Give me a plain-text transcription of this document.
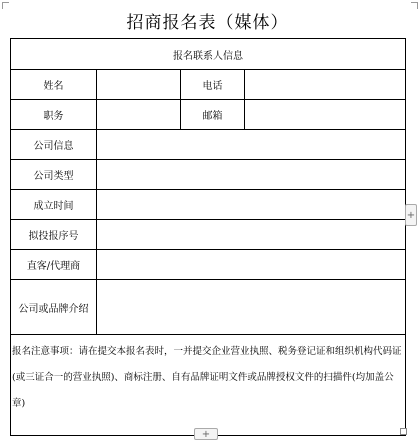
招商报名表（媒体）
报名联系人信息			
姓名		电话	
职务		邮箱	
公司信息			
公司类型			
成立时间			
拟投报序号			
直客/代理商			
公司或品牌介绍			
报名注意事项：请在提交本报名表时，一并提交企业营业执照、税务登记证和组织机构代码证(或三证合一的营业执照)、商标注册、自有品牌证明文件或品牌授权文件的扫描件(均加盖公章)			
+
+
